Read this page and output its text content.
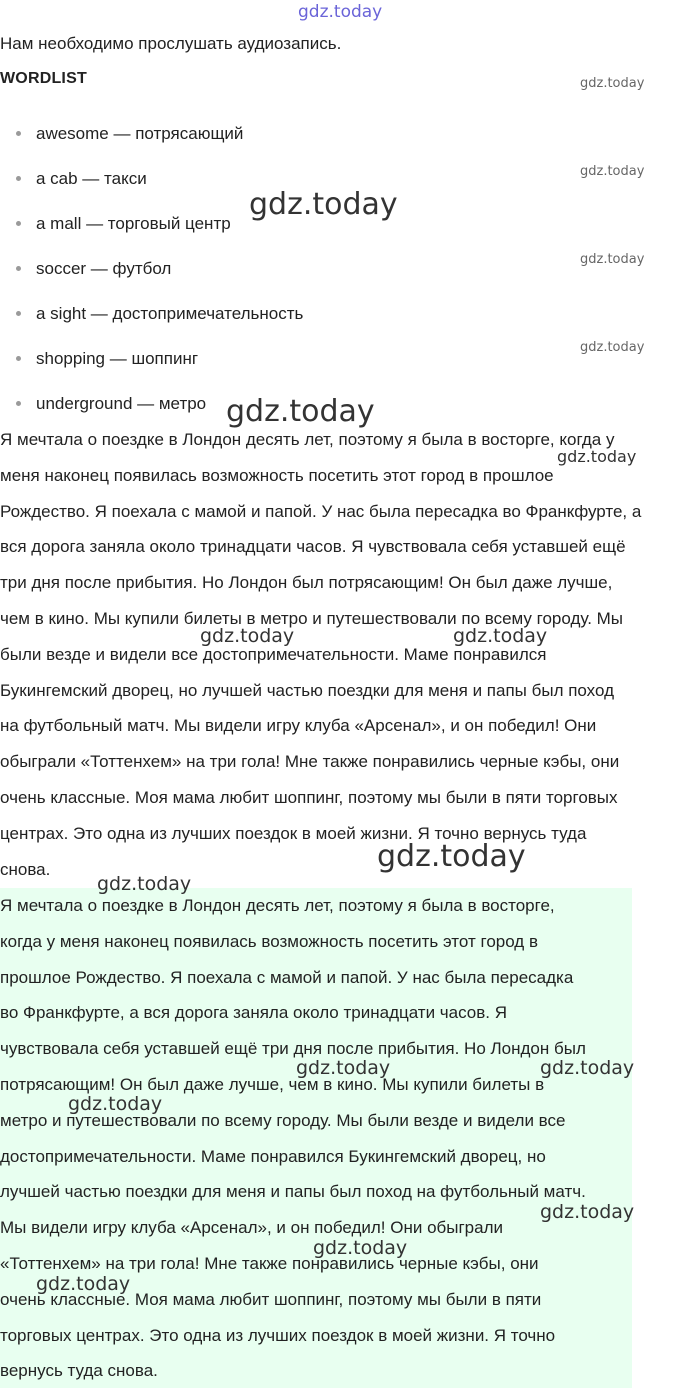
Нам необходимо прослушать аудиозапись.
WORDLIST
awesome — потрясающий
a cab — такси
a mall — торговый центр
soccer — футбол
a sight — достопримечательность
shopping — шоппинг
underground — метро

Я мечтала о поездке в Лондон десять лет, поэтому я была в восторге, когда у
меня наконец появилась возможность посетить этот город в прошлое
Рождество. Я поехала с мамой и папой. У нас была пересадка во Франкфурте, а
вся дорога заняла около тринадцати часов. Я чувствовала себя уставшей ещё
три дня после прибытия. Но Лондон был потрясающим! Он был даже лучше,
чем в кино. Мы купили билеты в метро и путешествовали по всему городу. Мы
были везде и видели все достопримечательности. Маме понравился
Букингемский дворец, но лучшей частью поездки для меня и папы был поход
на футбольный матч. Мы видели игру клуба «Арсенал», и он победил! Они
обыграли «Тоттенхем» на три гола! Мне также понравились черные кэбы, они
очень классные. Моя мама любит шоппинг, поэтому мы были в пяти торговых
центрах. Это одна из лучших поездок в моей жизни. Я точно вернусь туда
снова.

Я мечтала о поездке в Лондон десять лет, поэтому я была в восторге,
когда у меня наконец появилась возможность посетить этот город в
прошлое Рождество. Я поехала с мамой и папой. У нас была пересадка
во Франкфурте, а вся дорога заняла около тринадцати часов. Я
чувствовала себя уставшей ещё три дня после прибытия. Но Лондон был
потрясающим! Он был даже лучше, чем в кино. Мы купили билеты в
метро и путешествовали по всему городу. Мы были везде и видели все
достопримечательности. Маме понравился Букингемский дворец, но
лучшей частью поездки для меня и папы был поход на футбольный матч.
Мы видели игру клуба «Арсенал», и он победил! Они обыграли
«Тоттенхем» на три гола! Мне также понравились черные кэбы, они
очень классные. Моя мама любит шоппинг, поэтому мы были в пяти
торговых центрах. Это одна из лучших поездок в моей жизни. Я точно
вернусь туда снова.

gdz.today
gdz.today
gdz.today
gdz.today
gdz.today
gdz.today
gdz.today
gdz.today
gdz.today	gdz.today
gdz.today
gdz.today
gdz.today	gdz.today
gdz.today
gdz.today
gdz.today
gdz.today
